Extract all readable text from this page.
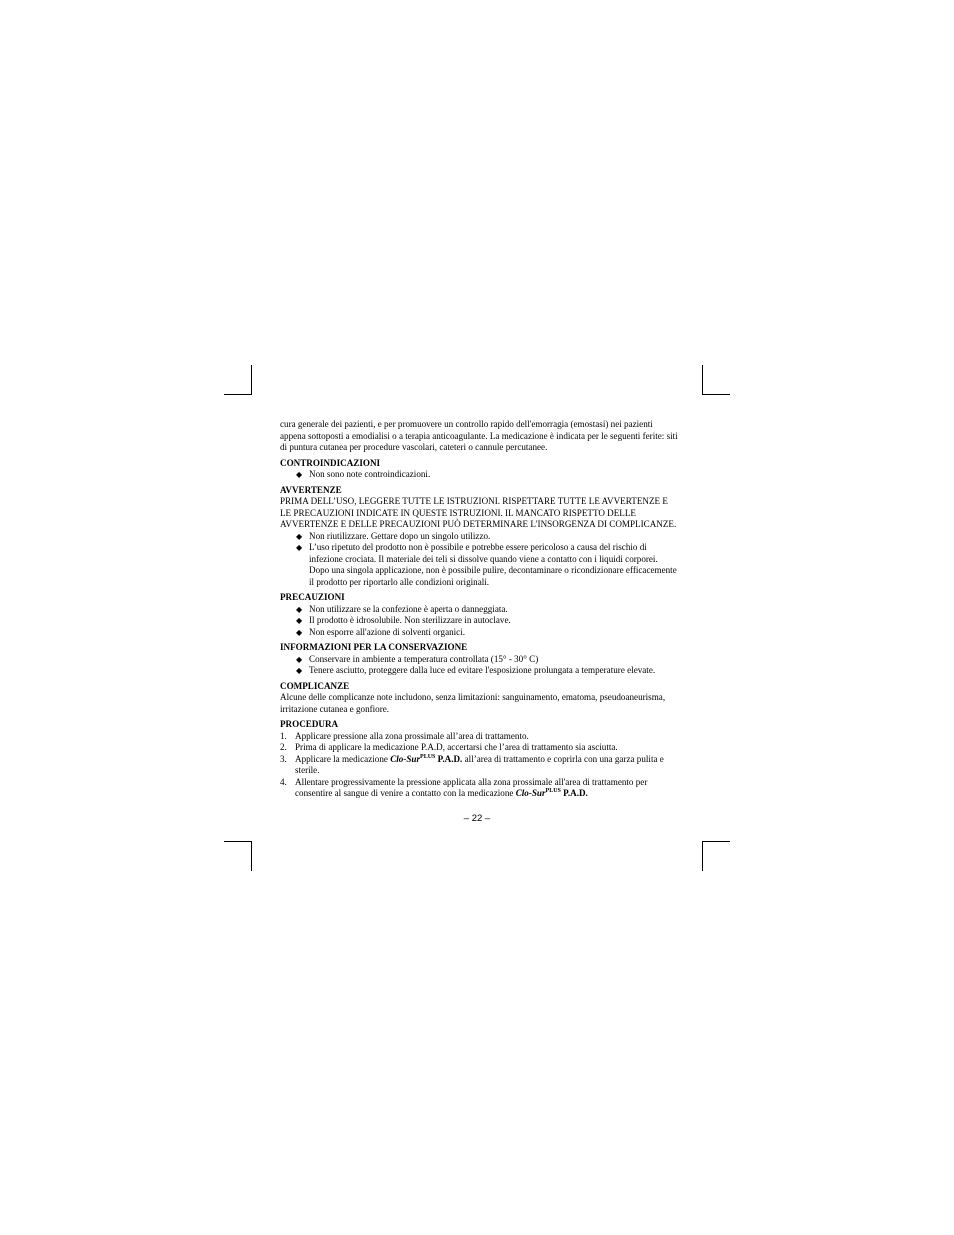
cura generale dei pazienti, e per promuovere un controllo rapido dell'emorragia (emostasi) nei pazienti appena sottoposti a emodialisi o a terapia anticoagulante. La medicazione è indicata per le seguenti ferite: siti di puntura cutanea per procedure vascolari, cateteri o cannule percutanee.

CONTROINDICAZIONI

◆ Non sono note controindicazioni.

AVVERTENZE

PRIMA DELL’USO, LEGGERE TUTTE LE ISTRUZIONI. RISPETTARE TUTTE LE AVVERTENZE E LE PRECAUZIONI INDICATE IN QUESTE ISTRUZIONI. IL MANCATO RISPETTO DELLE AVVERTENZE E DELLE PRECAUZIONI PUÒ DETERMINARE L'INSORGENZA DI COMPLICANZE.

◆ Non riutilizzare. Gettare dopo un singolo utilizzo.
◆ L’uso ripetuto del prodotto non è possibile e potrebbe essere pericoloso a causa del rischio di infezione crociata. Il materiale dei teli si dissolve quando viene a contatto con i liquidi corporei. Dopo una singola applicazione, non è possibile pulire, decontaminare o ricondizionare efficacemente il prodotto per riportarlo alle condizioni originali.

PRECAUZIONI

◆ Non utilizzare se la confezione è aperta o danneggiata.
◆ Il prodotto è idrosolubile. Non sterilizzare in autoclave.
◆ Non esporre all'azione di solventi organici.

INFORMAZIONI PER LA CONSERVAZIONE

◆ Conservare in ambiente a temperatura controllata (15° - 30° C)
◆ Tenere asciutto, proteggere dalla luce ed evitare l'esposizione prolungata a temperature elevate.

COMPLICANZE

Alcune delle complicanze note includono, senza limitazioni: sanguinamento, ematoma, pseudoaneurisma, irritazione cutanea e gonfiore.

PROCEDURA

1. Applicare pressione alla zona prossimale all’area di trattamento.
2. Prima di applicare la medicazione P.A.D, accertarsi che l’area di trattamento sia asciutta.
3. Applicare la medicazione Clo-Sur$^{PLUS}$ P.A.D. all’area di trattamento e coprirla con una garza pulita e sterile.
4. Allentare progressivamente la pressione applicata alla zona prossimale all'area di trattamento per consentire al sangue di venire a contatto con la medicazione Clo-Sur$^{PLUS}$ P.A.D.
– 22 –
